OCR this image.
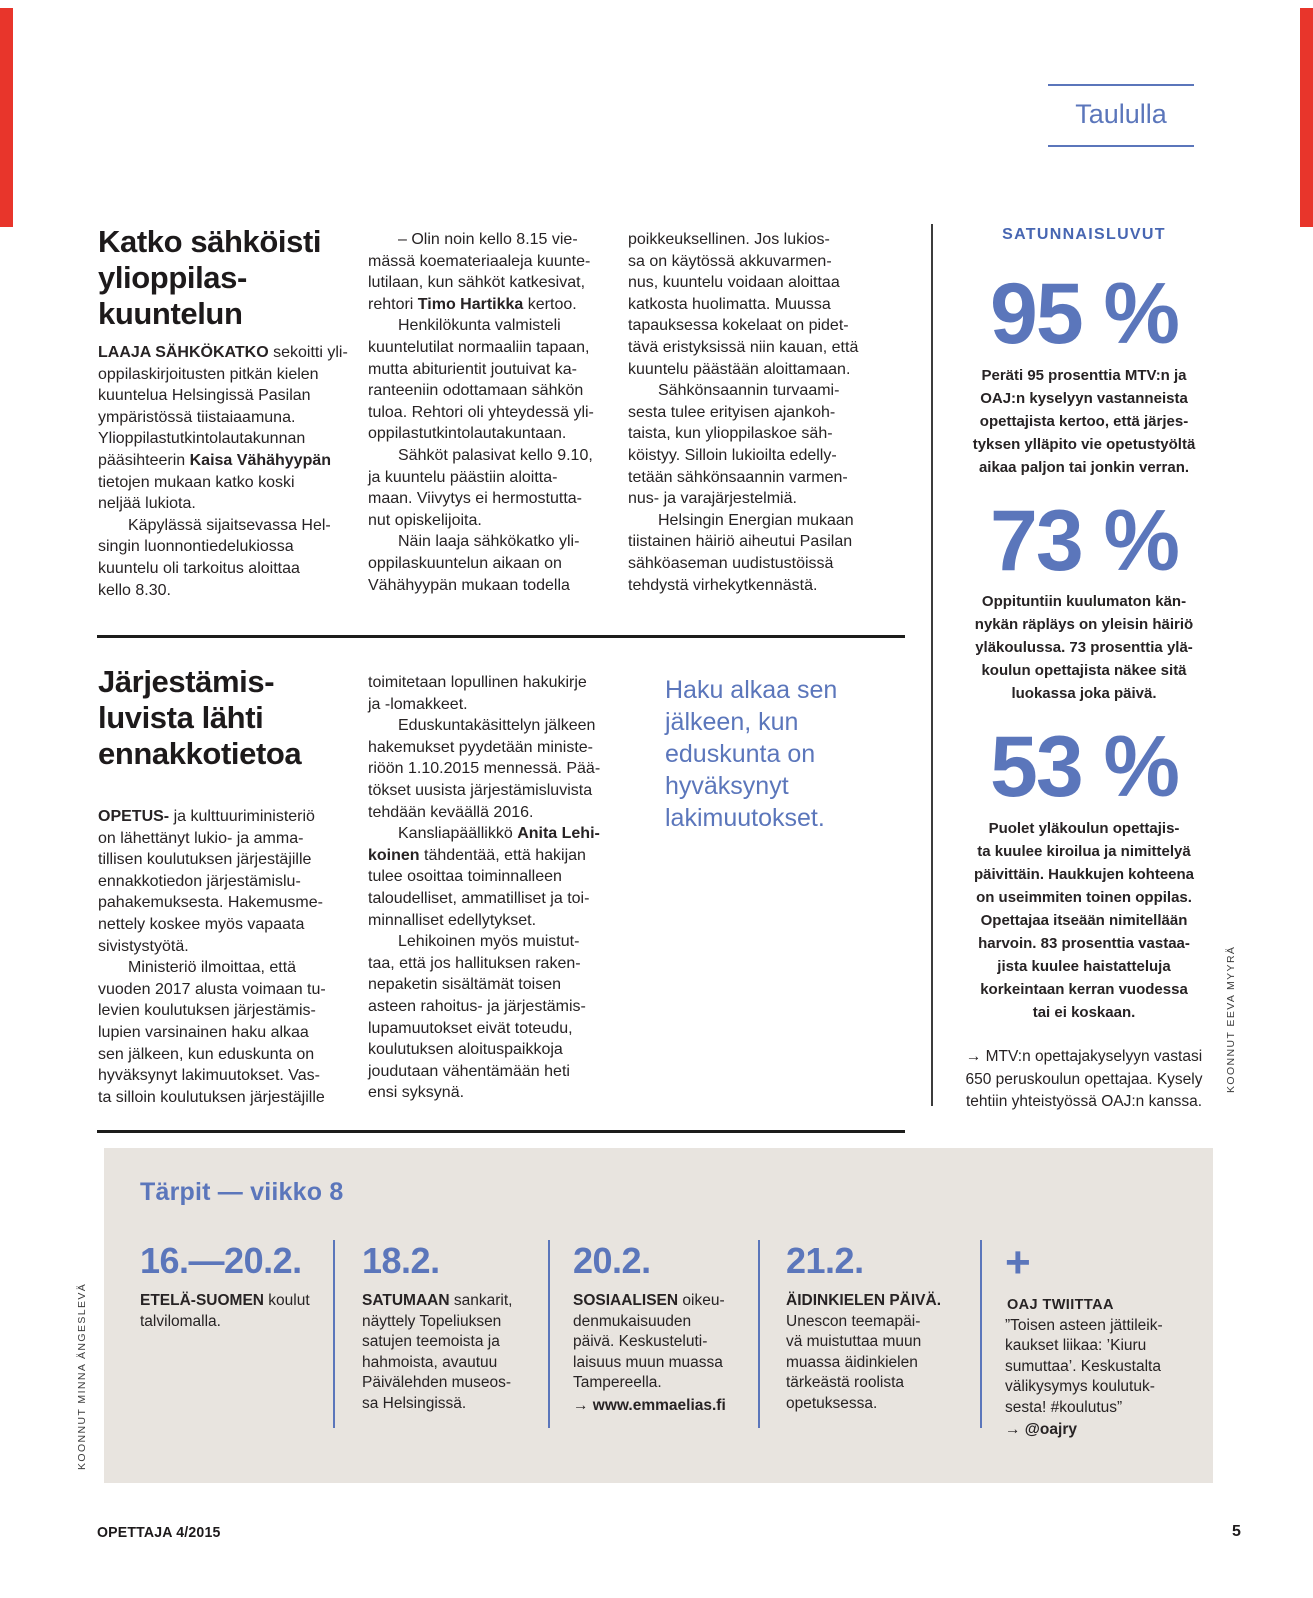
Taululla
Katko sähköisti
ylioppilas-
kuuntelun
LAAJA SÄHKÖKATKO sekoitti yli-
oppilaskirjoitusten pitkän kielen
kuuntelua Helsingissä Pasilan
ympäristössä tiistaiaamuna.
Ylioppilastutkintolautakunnan
pääsihteerin Kaisa Vähähyypän
tietojen mukaan katko koski
neljää lukiota.
Käpylässä sijaitsevassa Hel-
singin luonnontiedelukiossa
kuuntelu oli tarkoitus aloittaa
kello 8.30.
– Olin noin kello 8.15 vie-
mässä koemateriaaleja kuunte-
lutilaan, kun sähköt katkesivat,
rehtori Timo Hartikka kertoo.
Henkilökunta valmisteli
kuuntelutilat normaaliin tapaan,
mutta abiturientit joutuivat ka-
ranteeniin odottamaan sähkön
tuloa. Rehtori oli yhteydessä yli-
oppilastutkintolautakuntaan.
Sähköt palasivat kello 9.10,
ja kuuntelu päästiin aloitta-
maan. Viivytys ei hermostutta-
nut opiskelijoita.
Näin laaja sähkökatko yli-
oppilaskuuntelun aikaan on
Vähähyypän mukaan todella
poikkeuksellinen. Jos lukios-
sa on käytössä akkuvarmen-
nus, kuuntelu voidaan aloittaa
katkosta huolimatta. Muussa
tapauksessa kokelaat on pidet-
tävä eristyksissä niin kauan, että
kuuntelu päästään aloittamaan.
Sähkönsaannin turvaami-
sesta tulee erityisen ajankoh-
taista, kun ylioppilaskoe säh-
köistyy. Silloin lukioilta edelly-
tetään sähkönsaannin varmen-
nus- ja varajärjestelmiä.
Helsingin Energian mukaan
tiistainen häiriö aiheutui Pasilan
sähköaseman uudistustöissä
tehdystä virhekytkennästä.
Järjestämis-
luvista lähti
ennakkotietoa
OPETUS- ja kulttuuriministeriö
on lähettänyt lukio- ja amma-
tillisen koulutuksen järjestäjille
ennakkotiedon järjestämislu-
pahakemuksesta. Hakemusme-
nettely koskee myös vapaata
sivistystyötä.
Ministeriö ilmoittaa, että
vuoden 2017 alusta voimaan tu-
levien koulutuksen järjestämis-
lupien varsinainen haku alkaa
sen jälkeen, kun eduskunta on
hyväksynyt lakimuutokset. Vas-
ta silloin koulutuksen järjestäjille
toimitetaan lopullinen hakukirje
ja -lomakkeet.
Eduskuntakäsittelyn jälkeen
hakemukset pyydetään ministe-
riöön 1.10.2015 mennessä. Pää-
tökset uusista järjestämisluvista
tehdään keväällä 2016.
Kansliapäällikkö Anita Lehi-
koinen tähdentää, että hakijan
tulee osoittaa toiminnalleen
taloudelliset, ammatilliset ja toi-
minnalliset edellytykset.
Lehikoinen myös muistut-
taa, että jos hallituksen raken-
nepaketin sisältämät toisen
asteen rahoitus- ja järjestämis-
lupamuutokset eivät toteudu,
koulutuksen aloituspaikkoja
joudutaan vähentämään heti
ensi syksynä.
Haku alkaa sen
jälkeen, kun
eduskunta on
hyväksynyt
lakimuutokset.
SATUNNAISLUVUT
95 %
Peräti 95 prosenttia MTV:n ja
OAJ:n kyselyyn vastanneista
opettajista kertoo, että järjes-
tyksen ylläpito vie opetustyöltä
aikaa paljon tai jonkin verran.
73 %
Oppituntiin kuulumaton kän-
nykän räpläys on yleisin häiriö
yläkoulussa. 73 prosenttia ylä-
koulun opettajista näkee sitä
luokassa joka päivä.
53 %
Puolet yläkoulun opettajis-
ta kuulee kiroilua ja nimittelyä
päivittäin. Haukkujen kohteena
on useimmiten toinen oppilas.
Opettajaa itseään nimitellään
harvoin. 83 prosenttia vastaa-
jista kuulee haistatteluja
korkeintaan kerran vuodessa
tai ei koskaan.
→ MTV:n opettajakyselyyn vastasi
650 peruskoulun opettajaa. Kysely
tehtiin yhteistyössä OAJ:n kanssa.
KOONNUT EEVA MYYRÄ
Tärpit — viikko 8
16.—20.2.
ETELÄ-SUOMEN koulut
talvilomalla.
18.2.
SATUMAAN sankarit,
näyttely Topeliuksen
satujen teemoista ja
hahmoista, avautuu
Päivälehden museos-
sa Helsingissä.
20.2.
SOSIAALISEN oikeu-
denmukaisuuden
päivä. Keskusteluti-
laisuus muun muassa
Tampereella.
→ www.emmaelias.fi
21.2.
ÄIDINKIELEN PÄIVÄ.
Unescon teemapäi-
vä muistuttaa muun
muassa äidinkielen
tärkeästä roolista
opetuksessa.
+
OAJ TWIITTAA
”Toisen asteen jättileik-
kaukset liikaa: ’Kiuru
sumuttaa’. Keskustalta
välikysymys koulutuk-
sesta! #koulutus”
→ @oajry
KOONNUT MINNA ÄNGESLEVÄ
OPETTAJA 4/2015	5
